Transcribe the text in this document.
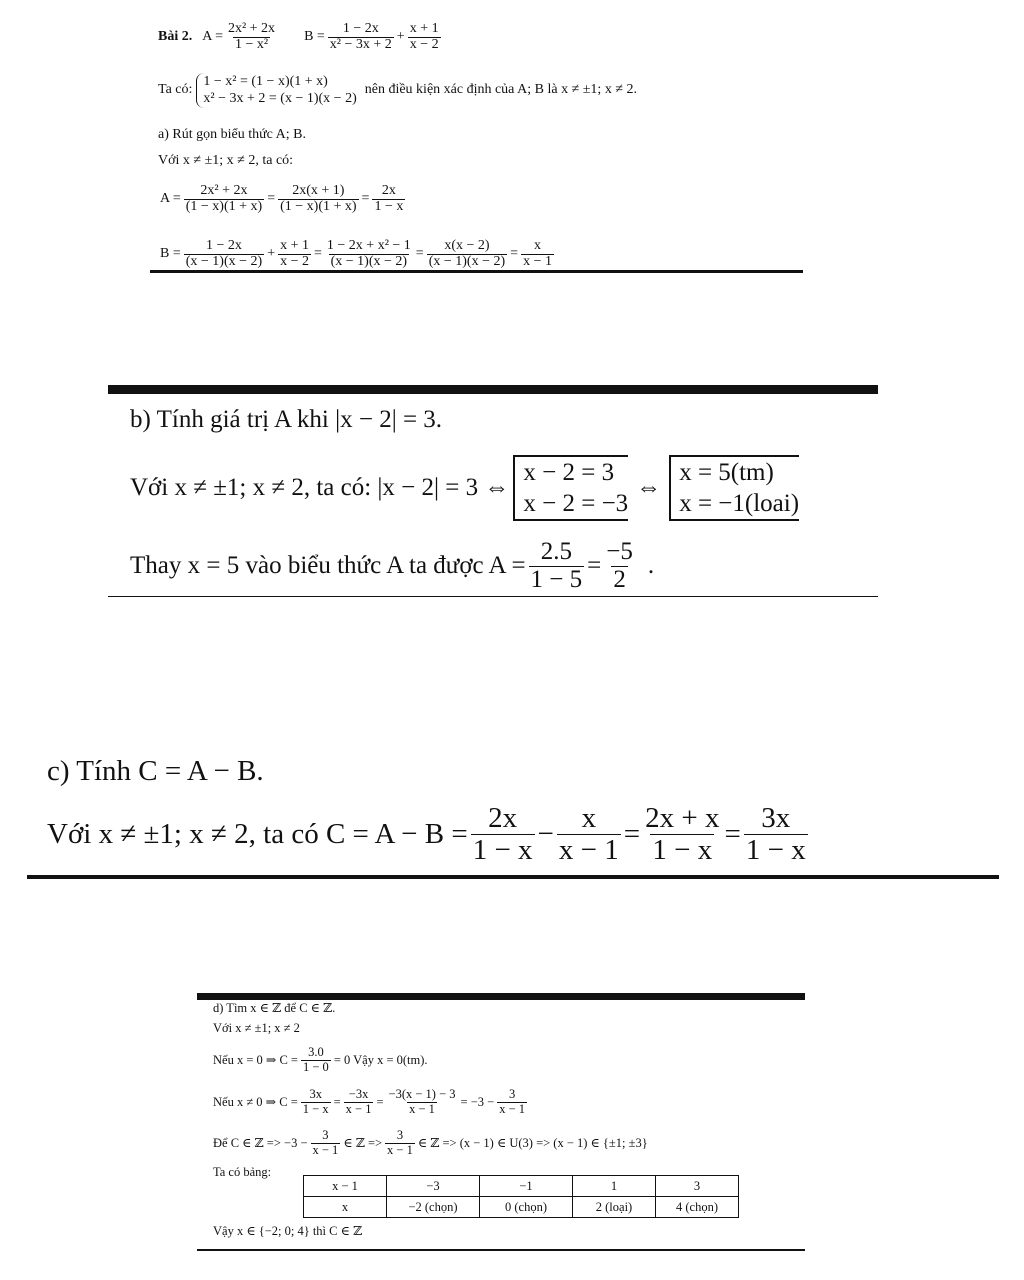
Bài 2. $A = \frac{\text{2x² + 2x}}{\text{1 − x²}}$ $B = \frac{1 - 2x}{\text{x² − 3x + 2}} + \frac{x + 1}{x - 2}$
Ta có:
1 − x² = (1 − x)(1 + x)
x² − 3x + 2 = (x − 1)(x − 2)
nên điều kiện xác định của A; B là x ≠ ±1; x ≠ 2.
a) Rút gọn biểu thức A; B.
Với x ≠ ±1; x ≠ 2, ta có:
$A = \frac{\text{2x² + 2x}}{(1 - x)(1 + x)} = \frac{2x(x + 1)}{(1 - x)(1 + x)} = \frac{2x}{1 - x}$
$B = \frac{1 - 2x}{(x - 1)(x - 2)} + \frac{x + 1}{x - 2} = \frac{\text{1 − 2x + x² − 1}}{(x - 1)(x - 2)} = \frac{x(x - 2)}{(x - 1)(x - 2)} = \frac{x}{x - 1}$
b) Tính giá trị A khi |x − 2| = 3.
Với x ≠ ±1; x ≠ 2, ta có: |x − 2| = 3 ⇔
x − 2 = 3
x − 2 = −3
⇔
x = 5(tm)
x = −1(loai)
Thay x = 5 vào biểu thức A ta được $A = \frac{2.5}{1 - 5} = \frac{-5}{2}$ .
c) Tính C = A − B.
Với x ≠ ±1; x ≠ 2, ta có $C = A - B = \frac{2x}{1 - x} - \frac{x}{x - 1} = \frac{2x + x}{1 - x} = \frac{3x}{1 - x}$
d) Tìm x ∈ ℤ để C ∈ ℤ.
Với x ≠ ±1; x ≠ 2
Nếu x = 0 ⇒ $C = \frac{3.0}{1 - 0} = 0$ Vậy x = 0(tm).
Nếu x ≠ 0 ⇒ $C = \frac{3x}{1 - x} = \frac{-3x}{x - 1} = \frac{-3(x - 1) - 3}{x - 1} = -3 - \frac{3}{x - 1}$
Để C ∈ ℤ => $-3 - \frac{3}{x - 1}$ ∈ ℤ => $\frac{3}{x - 1}$ ∈ ℤ => (x − 1) ∈ U(3) => (x − 1) ∈ {±1; ±3}
Ta có bảng:
x − 1	−3	−1	1	3
x	−2 (chọn)	0 (chọn)	2 (loại)	4 (chọn)
Vậy x ∈ {−2; 0; 4} thì C ∈ ℤ
